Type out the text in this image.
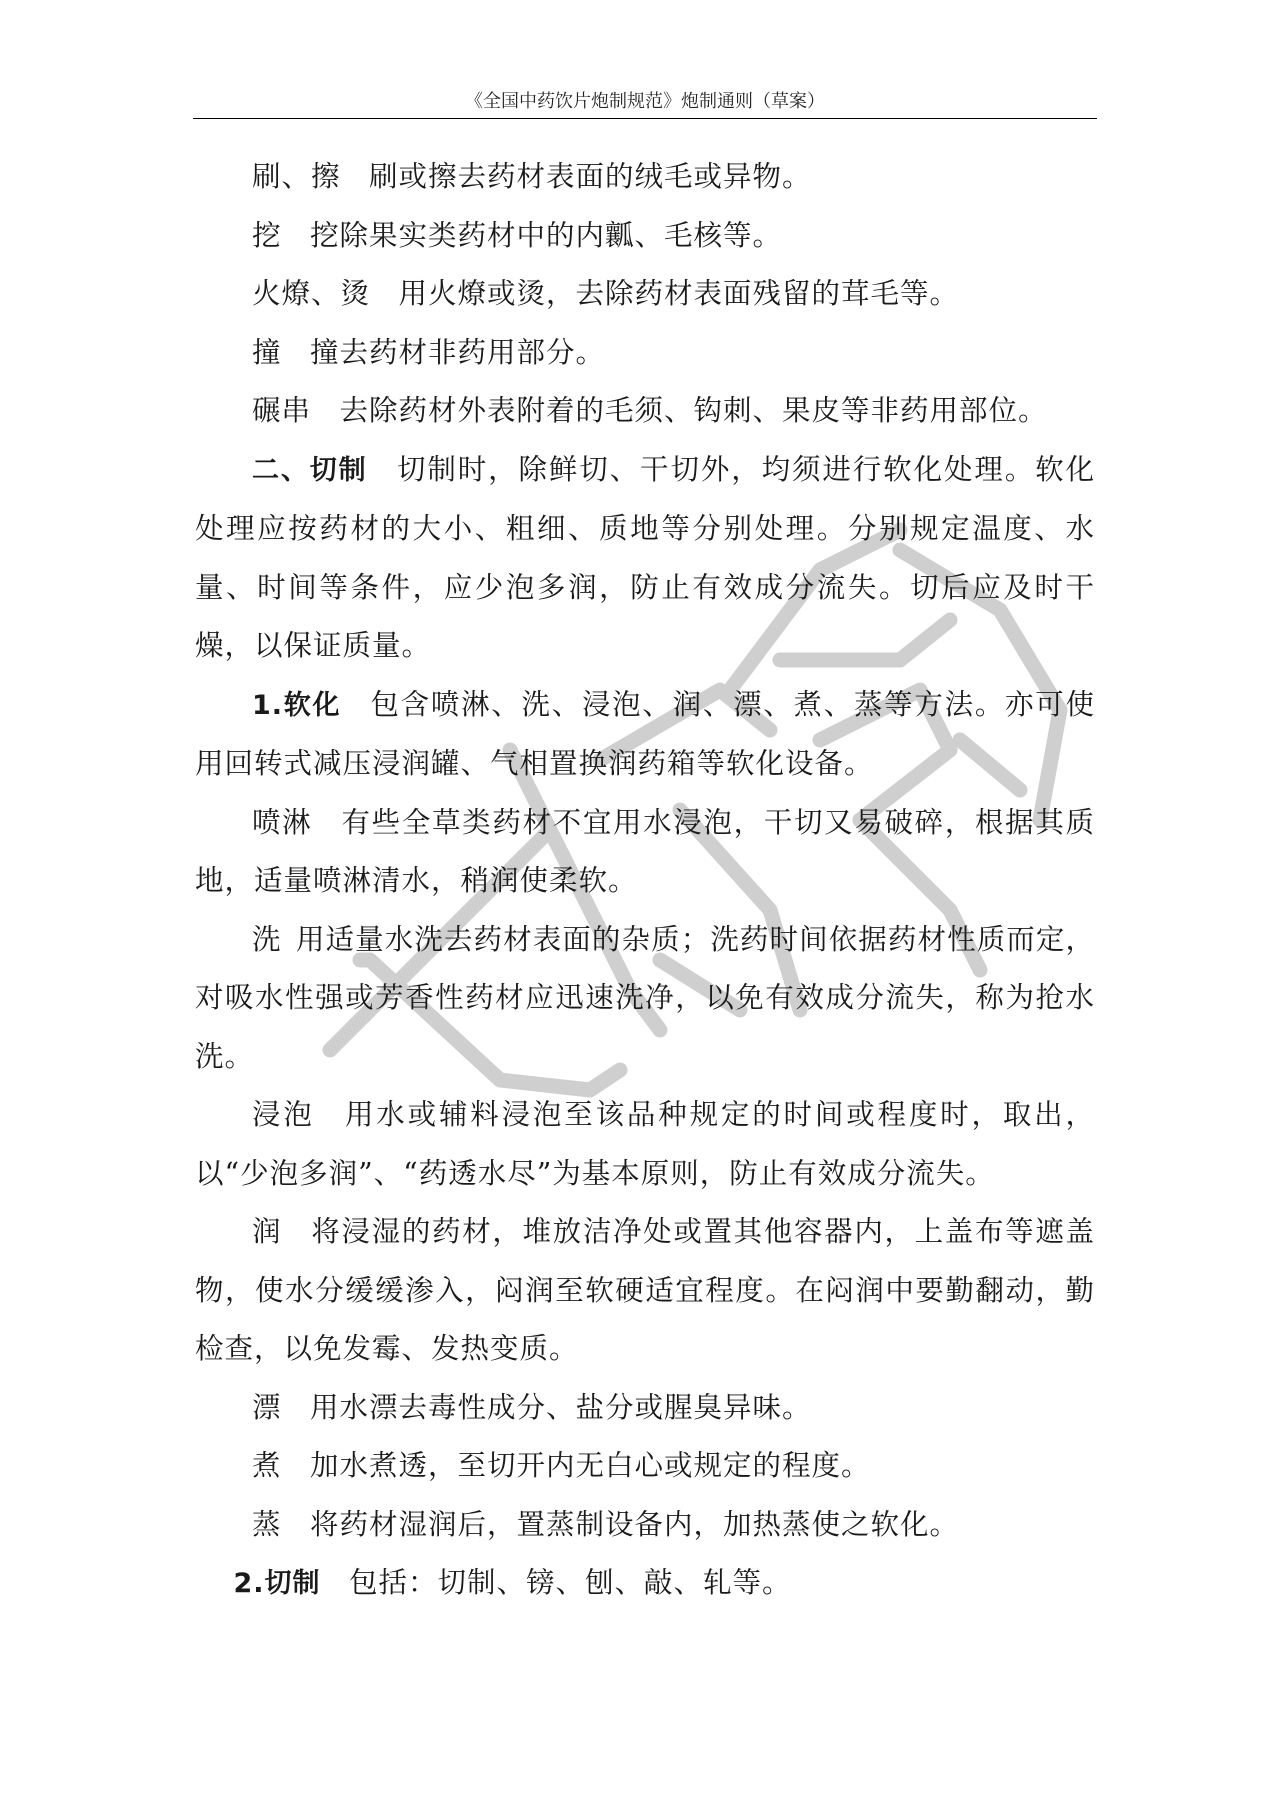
《全国中药饮片炮制规范》炮制通则（草案）

刷、擦 刷或擦去药材表面的绒毛或异物。

挖 挖除果实类药材中的内瓤、毛核等。

火燎、烫 用火燎或烫，去除药材表面残留的茸毛等。

撞 撞去药材非药用部分。

碾串 去除药材外表附着的毛须、钩刺、果皮等非药用部位。

二、切制 切制时，除鲜切、干切外，均须进行软化处理。软化处理应按药材的大小、粗细、质地等分别处理。分别规定温度、水量、时间等条件，应少泡多润，防止有效成分流失。切后应及时干燥，以保证质量。

1.软化 包含喷淋、洗、浸泡、润、漂、煮、蒸等方法。亦可使用回转式减压浸润罐、气相置换润药箱等软化设备。

喷淋 有些全草类药材不宜用水浸泡，干切又易破碎，根据其质地，适量喷淋清水，稍润使柔软。

洗 用适量水洗去药材表面的杂质；洗药时间依据药材性质而定，对吸水性强或芳香性药材应迅速洗净，以免有效成分流失，称为抢水洗。

浸泡 用水或辅料浸泡至该品种规定的时间或程度时，取出，以“少泡多润”、“药透水尽”为基本原则，防止有效成分流失。

润 将浸湿的药材，堆放洁净处或置其他容器内，上盖布等遮盖物，使水分缓缓渗入，闷润至软硬适宜程度。在闷润中要勤翻动，勤检查，以免发霉、发热变质。

漂 用水漂去毒性成分、盐分或腥臭异味。

煮 加水煮透，至切开内无白心或规定的程度。

蒸 将药材湿润后，置蒸制设备内，加热蒸使之软化。

2.切制 包括：切制、镑、刨、敲、轧等。
